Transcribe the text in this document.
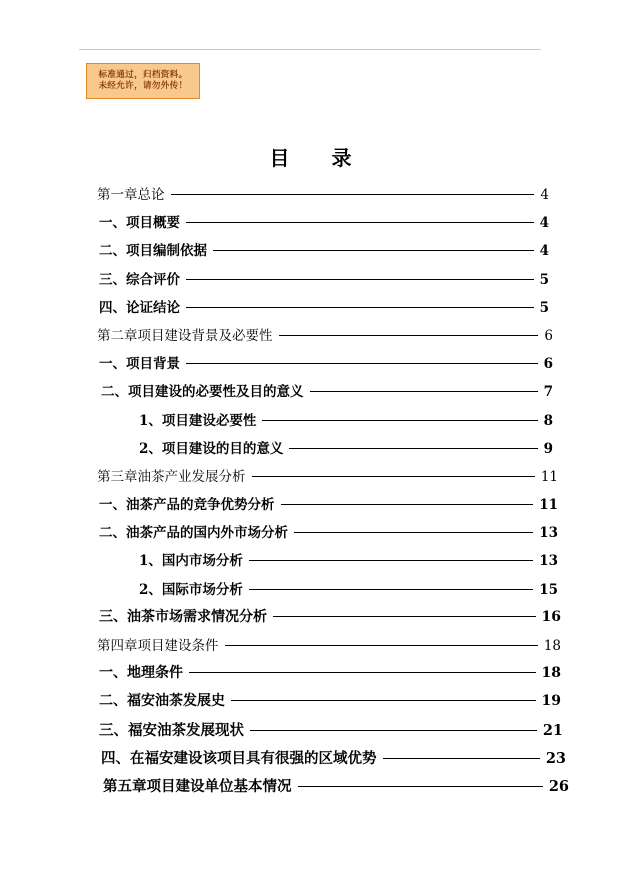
标准通过，归档资料。
未经允许，请勿外传！
目 录
第一章总论	4
一、项目概要	4
二、项目编制依据	4
三、综合评价	5
四、论证结论	5
第二章项目建设背景及必要性	6
一、项目背景	6
二、项目建设的必要性及目的意义	7
1、项目建设必要性	8
2、项目建设的目的意义	9
第三章油茶产业发展分析	11
一、油茶产品的竞争优势分析	11
二、油茶产品的国内外市场分析	13
1、国内市场分析	13
2、国际市场分析	15
三、油茶市场需求情况分析	16
第四章项目建设条件	18
一、地理条件	18
二、福安油茶发展史	19
三、福安油茶发展现状	21
四、在福安建设该项目具有很强的区域优势	23
第五章项目建设单位基本情况	26
